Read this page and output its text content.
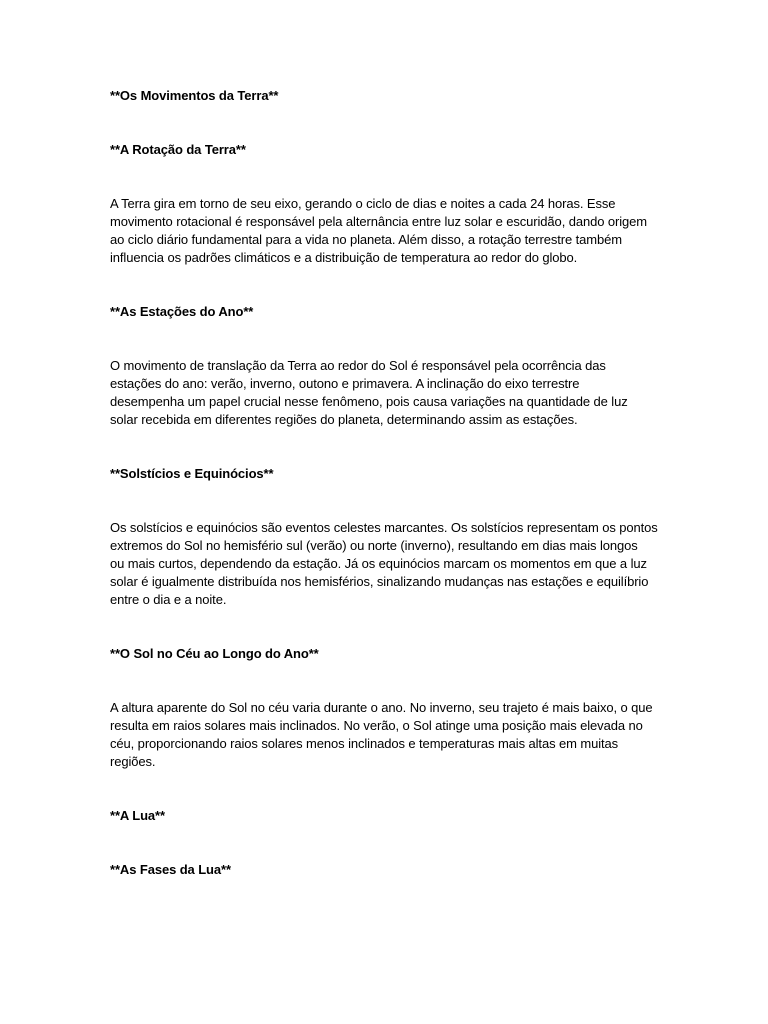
**Os Movimentos da Terra**
**A Rotação da Terra**
A Terra gira em torno de seu eixo, gerando o ciclo de dias e noites a cada 24 horas. Esse
movimento rotacional é responsável pela alternância entre luz solar e escuridão, dando origem
ao ciclo diário fundamental para a vida no planeta. Além disso, a rotação terrestre também
influencia os padrões climáticos e a distribuição de temperatura ao redor do globo.
**As Estações do Ano**
O movimento de translação da Terra ao redor do Sol é responsável pela ocorrência das
estações do ano: verão, inverno, outono e primavera. A inclinação do eixo terrestre
desempenha um papel crucial nesse fenômeno, pois causa variações na quantidade de luz
solar recebida em diferentes regiões do planeta, determinando assim as estações.
**Solstícios e Equinócios**
Os solstícios e equinócios são eventos celestes marcantes. Os solstícios representam os pontos
extremos do Sol no hemisfério sul (verão) ou norte (inverno), resultando em dias mais longos
ou mais curtos, dependendo da estação. Já os equinócios marcam os momentos em que a luz
solar é igualmente distribuída nos hemisférios, sinalizando mudanças nas estações e equilíbrio
entre o dia e a noite.
**O Sol no Céu ao Longo do Ano**
A altura aparente do Sol no céu varia durante o ano. No inverno, seu trajeto é mais baixo, o que
resulta em raios solares mais inclinados. No verão, o Sol atinge uma posição mais elevada no
céu, proporcionando raios solares menos inclinados e temperaturas mais altas em muitas
regiões.
**A Lua**
**As Fases da Lua**
